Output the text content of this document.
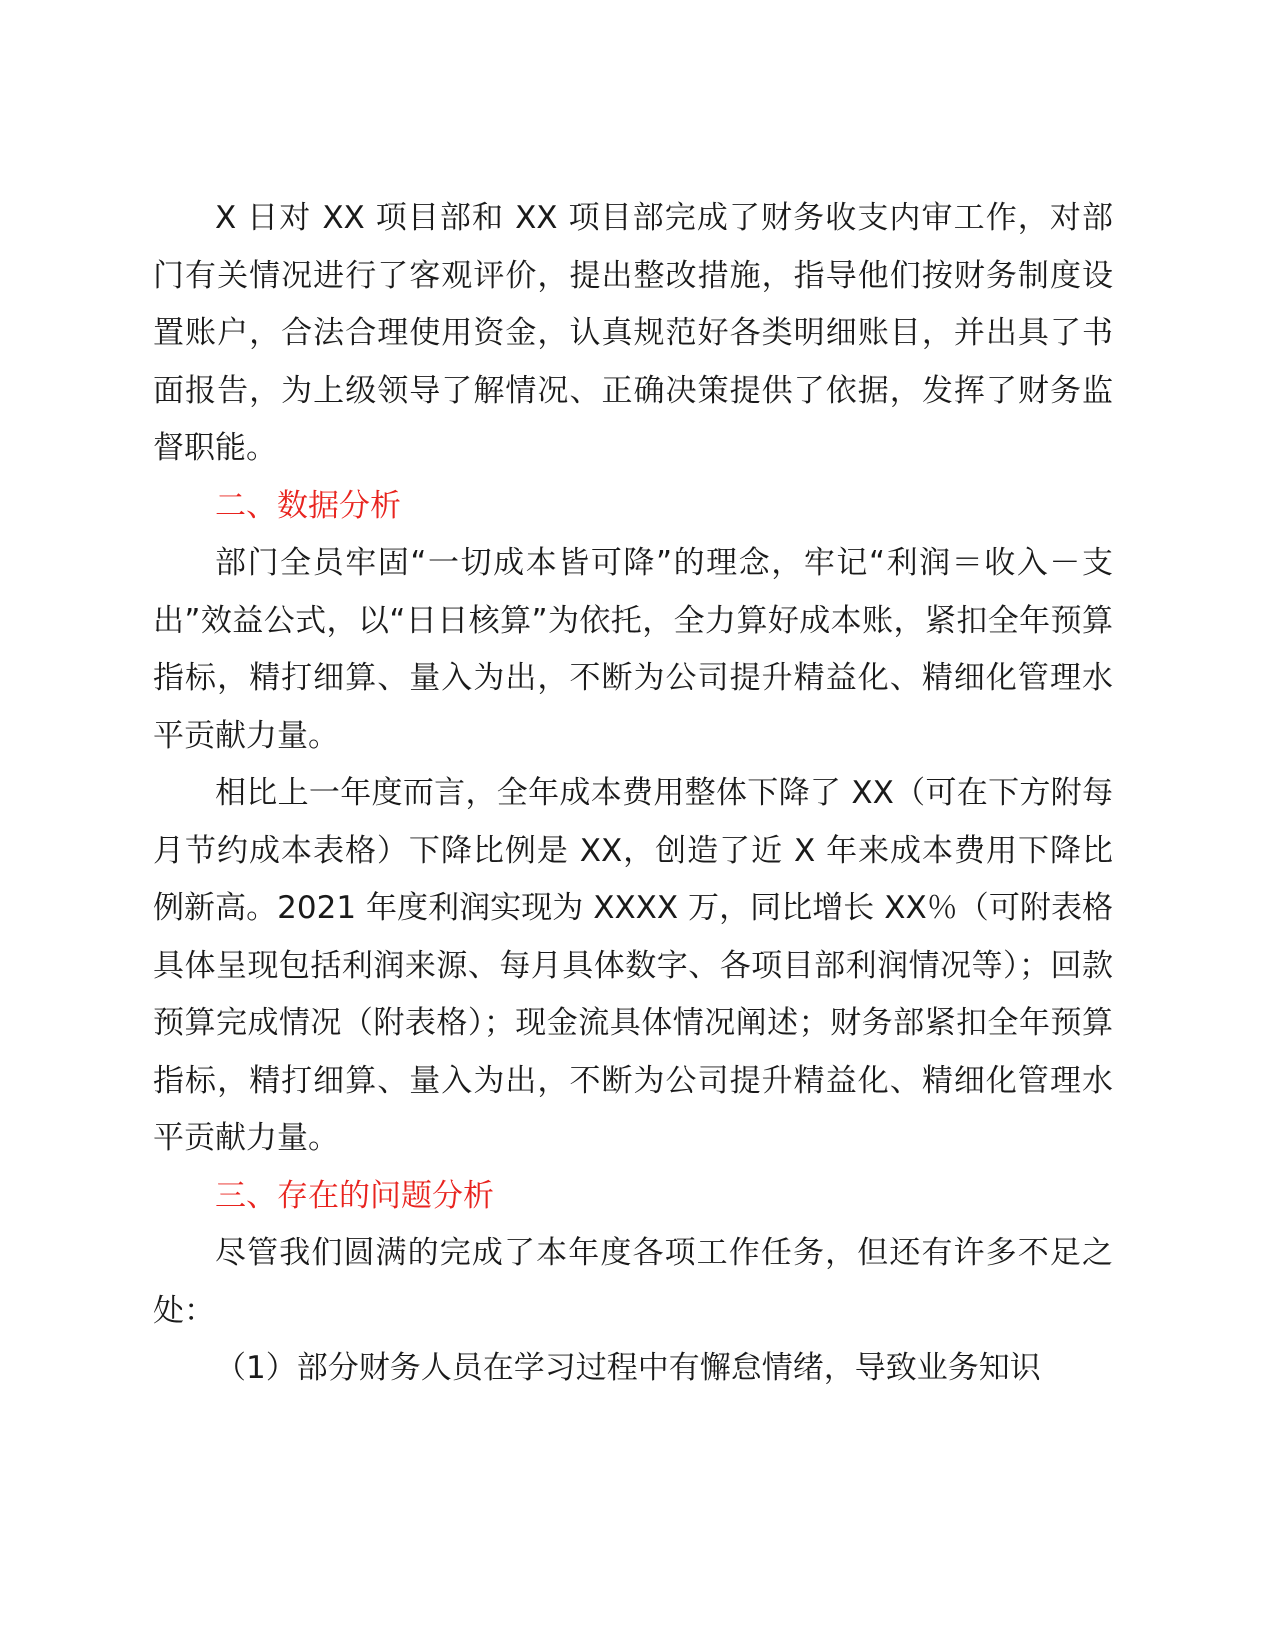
X 日对 XX 项目部和 XX 项目部完成了财务收支内审工作，对部门有关情况进行了客观评价，提出整改措施，指导他们按财务制度设置账户，合法合理使用资金，认真规范好各类明细账目，并出具了书面报告，为上级领导了解情况、正确决策提供了依据，发挥了财务监督职能。

二、数据分析

部门全员牢固“一切成本皆可降”的理念，牢记“利润＝收入－支出”效益公式，以“日日核算”为依托，全力算好成本账，紧扣全年预算指标，精打细算、量入为出，不断为公司提升精益化、精细化管理水平贡献力量。

相比上一年度而言，全年成本费用整体下降了 XX（可在下方附每月节约成本表格）下降比例是 XX，创造了近 X 年来成本费用下降比例新高。2021 年度利润实现为 XXXX 万，同比增长 XX％（可附表格具体呈现包括利润来源、每月具体数字、各项目部利润情况等）；回款预算完成情况（附表格）；现金流具体情况阐述；财务部紧扣全年预算指标，精打细算、量入为出，不断为公司提升精益化、精细化管理水平贡献力量。

三、存在的问题分析

尽管我们圆满的完成了本年度各项工作任务，但还有许多不足之处：

（1）部分财务人员在学习过程中有懈怠情绪，导致业务知识
